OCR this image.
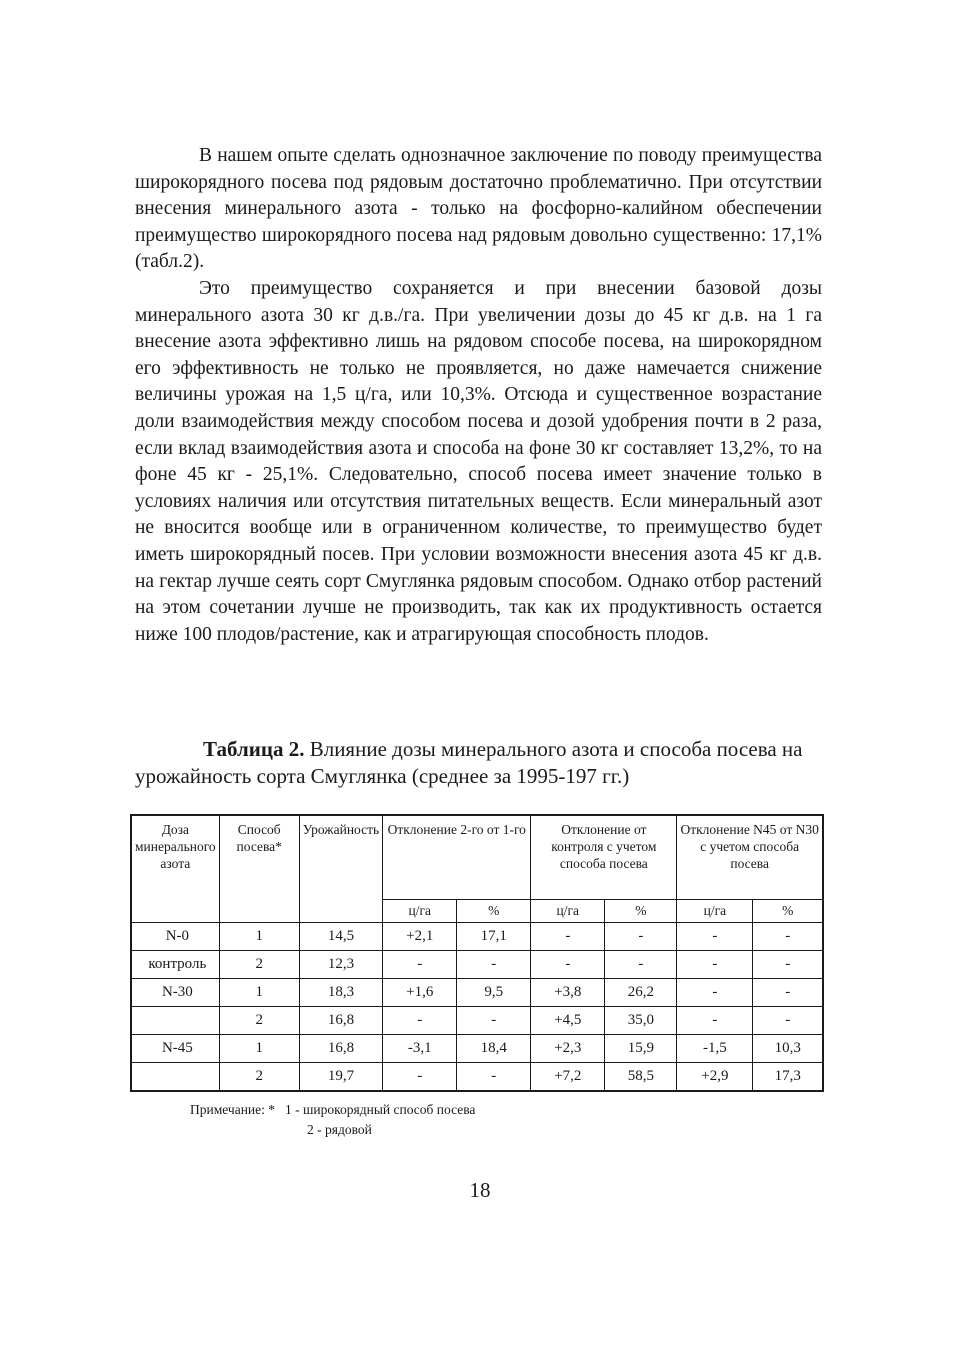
В нашем опыте сделать однозначное заключение по поводу преимущества широкорядного посева под рядовым достаточно проблематично. При отсутствии внесения минерального азота - только на фосфорно-калийном обеспечении преимущество широкорядного посева над рядовым довольно существенно: 17,1% (табл.2).

Это преимущество сохраняется и при внесении базовой дозы минерального азота 30 кг д.в./га. При увеличении дозы до 45 кг д.в. на 1 га внесение азота эффективно лишь на рядовом способе посева, на широкорядном его эффективность не только не проявляется, но даже намечается снижение величины урожая на 1,5 ц/га, или 10,3%. Отсюда и существенное возрастание доли взаимодействия между способом посева и дозой удобрения почти в 2 раза, если вклад взаимодействия азота и способа на фоне 30 кг составляет 13,2%, то на фоне 45 кг - 25,1%. Следовательно, способ посева имеет значение только в условиях наличия или отсутствия питательных веществ. Если минеральный азот не вносится вообще или в ограниченном количестве, то преимущество будет иметь широкорядный посев. При условии возможности внесения азота 45 кг д.в. на гектар лучше сеять сорт Смуглянка рядовым способом. Однако отбор растений на этом сочетании лучше не производить, так как их продуктивность остается ниже 100 плодов/растение, как и атрагирующая способность плодов.

Таблица 2. Влияние дозы минерального азота и способа посева на урожайность сорта Смуглянка (среднее за 1995-197 гг.)

Доза минерального азота	Способ посева*	Урожайность	Отклонение 2-го от 1-го		Отклонение от контроля с учетом способа посева		Отклонение N45 от N30 с учетом способа посева	
			ц/га	%	ц/га	%	ц/га	%
N-0	1	14,5	+2,1	17,1	-	-	-	-
контроль	2	12,3	-	-	-	-	-	-
N-30	1	18,3	+1,6	9,5	+3,8	26,2	-	-
	2	16,8	-	-	+4,5	35,0	-	-
N-45	1	16,8	-3,1	18,4	+2,3	15,9	-1,5	10,3
	2	19,7	-	-	+7,2	58,5	+2,9	17,3

Примечание: * 1 - широкорядный способ посева
2 - рядовой

18
